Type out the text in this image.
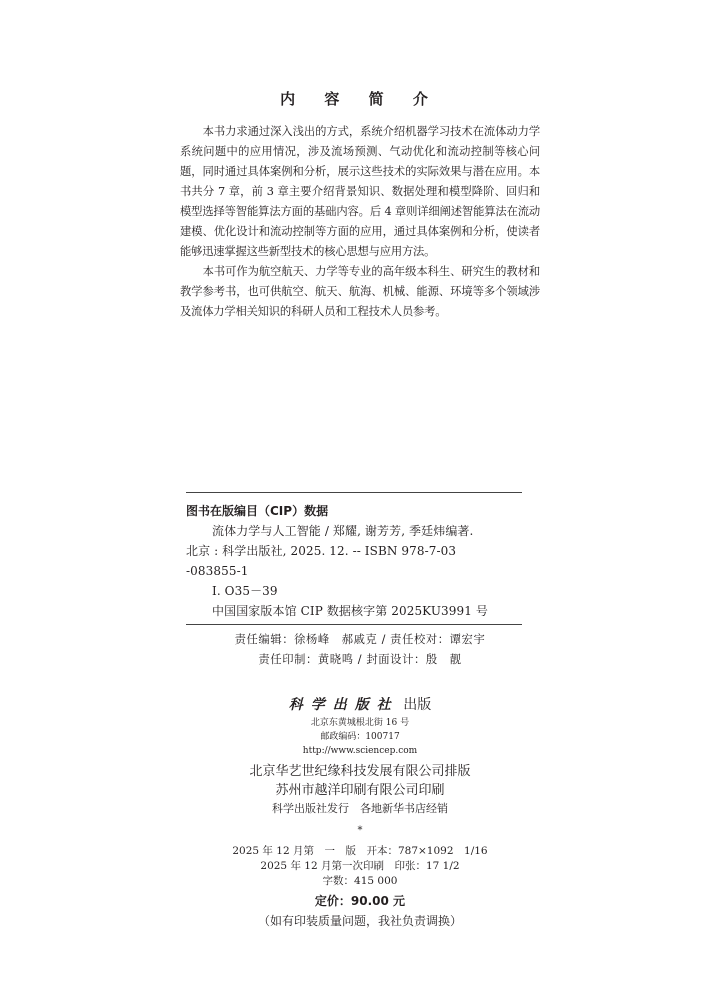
内 容 简 介

本书力求通过深入浅出的方式，系统介绍机器学习技术在流体动力学系统问题中的应用情况，涉及流场预测、气动优化和流动控制等核心问题，同时通过具体案例和分析，展示这些技术的实际效果与潜在应用。本书共分 7 章，前 3 章主要介绍背景知识、数据处理和模型降阶、回归和模型选择等智能算法方面的基础内容。后 4 章则详细阐述智能算法在流动建模、优化设计和流动控制等方面的应用，通过具体案例和分析，使读者能够迅速掌握这些新型技术的核心思想与应用方法。

本书可作为航空航天、力学等专业的高年级本科生、研究生的教材和教学参考书，也可供航空、航天、航海、机械、能源、环境等多个领域涉及流体力学相关知识的科研人员和工程技术人员参考。

图书在版编目（CIP）数据
流体力学与人工智能 / 郑耀, 谢芳芳, 季廷炜编著.
北京 : 科学出版社, 2025. 12. -- ISBN 978-7-03
-083855-1
Ⅰ. O35－39
中国国家版本馆 CIP 数据核字第 2025KU3991 号
责任编辑：徐杨峰　郝戚克 / 责任校对：谭宏宇
责任印制：黄晓鸣 / 封面设计：殷　靓
科学出版社 出版
北京东黄城根北街 16 号
邮政编码：100717
http://www.sciencep.com
北京华艺世纪缘科技发展有限公司排版
苏州市越洋印刷有限公司印刷
科学出版社发行　各地新华书店经销
*
2025 年 12 月第　一　版　开本：787×1092　1/16
2025 年 12 月第一次印刷　印张：17 1/2
字数：415 000
定价：90.00 元
（如有印装质量问题，我社负责调换）
